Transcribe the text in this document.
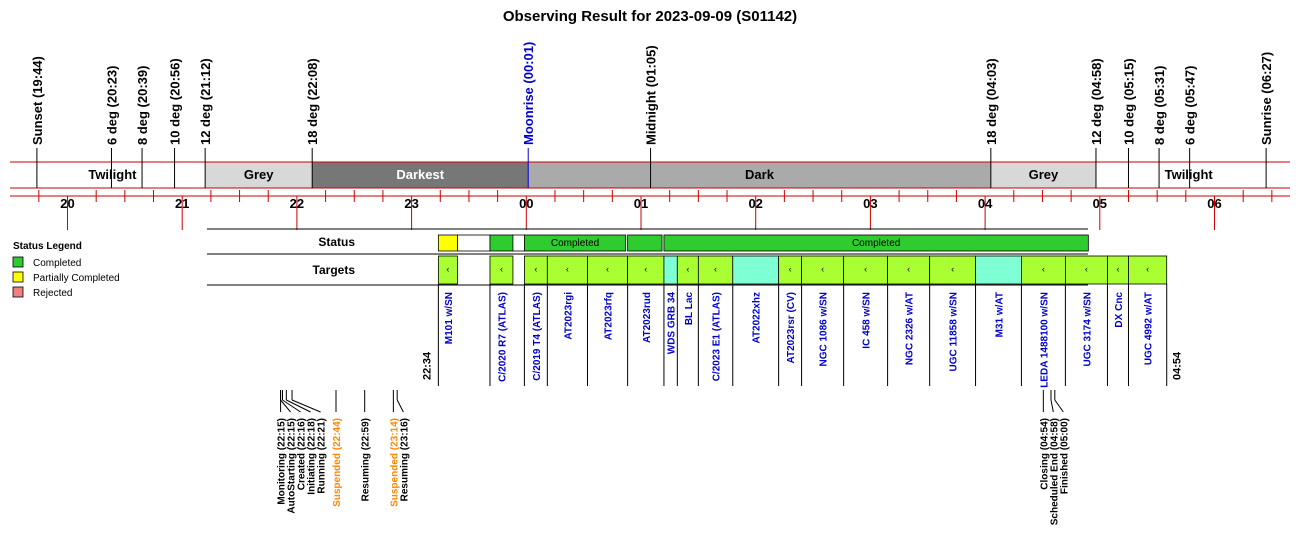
Observing Result for 2023-09-09 (S01142)
Twilight	Grey	Darkest	Dark	Grey	Twilight
Sunset (19:44)	6 deg (20:23) 8 deg (20:39) 10 deg (20:56) 12 deg (21:12)	18 deg (22:08)	Moonrise (00:01)	Midnight (01:05)	18 deg (04:03)	12 deg (04:58) 10 deg (05:15) 8 deg (05:31) 6 deg (05:47)	Sunrise (06:27)
20	21	22	23	00	01	02	03	04	05	06
Status Legend
Completed
Partially Completed
Rejected
Status
Targets
Completed	Completed
‹
M101 w/SN
‹
C/2020 R7 (ATLAS)
‹
C/2019 T4 (ATLAS)
‹
AT2023rgi
‹
AT2023rfq
‹
AT2023rud WDS GRB 34
‹
BL Lac
‹
C/2023 E1 (ATLAS)	AT2022xhz
‹
AT2023rsr (CV)
‹
NGC 1086 w/SN
‹
IC 458 w/SN
‹
NGC 2326 w/AT
‹
UGC 11858 w/SN	M31 w/AT
‹
LEDA 1488100 w/SN
‹
UGC 3174 w/SN
‹
DX Cnc
‹
UGC 4992 w/AT
22:34	04:54
Monitoring (22:15) AutoStarting (22:15) Created (22:16) Initiating (22:18) Running (22:21) Suspended (22:44) Resuming (22:59) Suspended (23:14) Resuming (23:16)	Closing (04:54) Scheduled End (04:58) Finished (05:00)
